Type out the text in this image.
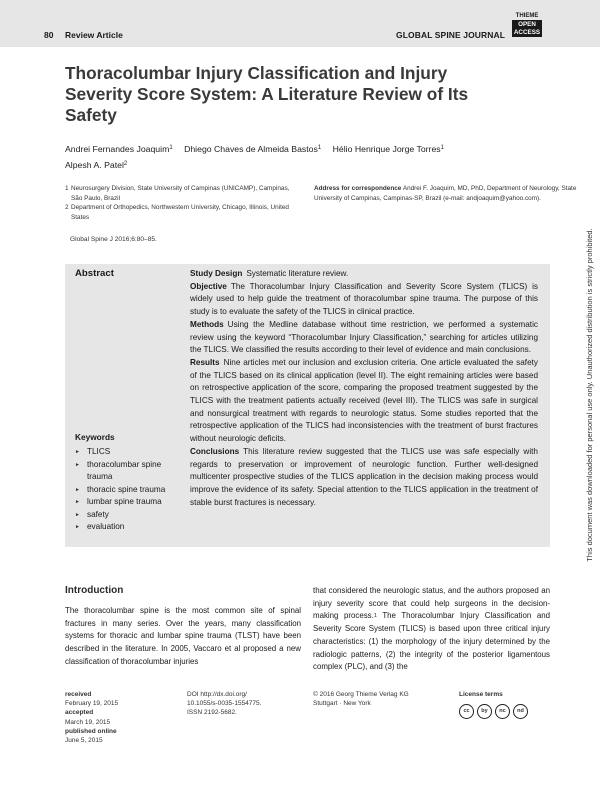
80 Review Article	GLOBAL SPINE JOURNAL
THIEME
OPEN
ACCESS
Thoracolumbar Injury Classification and Injury Severity Score System: A Literature Review of Its Safety
Andrei Fernandes Joaquim$^1$ Dhiego Chaves de Almeida Bastos$^1$ Hélio Henrique Jorge Torres$^1$
Alpesh A. Patel$^2$
1 Neurosurgery Division, State University of Campinas (UNICAMP), Campinas, São Paulo, Brazil
2 Department of Orthopedics, Northwestern University, Chicago, Illinois, United States
Address for correspondence Andrei F. Joaquim, MD, PhD, Department of Neurology, State University of Campinas, Campinas-SP, Brazil (e-mail: andjoaquim@yahoo.com).
Global Spine J 2016;6:80–85.
Abstract	Study Design Systematic literature review.
Objective The Thoracolumbar Injury Classification and Severity Score System (TLICS) is widely used to help guide the treatment of thoracolumbar spine trauma. The purpose of this study is to evaluate the safety of the TLICS in clinical practice.
Methods Using the Medline database without time restriction, we performed a systematic review using the keyword “Thoracolumbar Injury Classification,” searching for articles utilizing the TLICS. We classified the results according to their level of evidence and main conclusions.
Results Nine articles met our inclusion and exclusion criteria. One article evaluated the safety of the TLICS based on its clinical application (level II). The eight remaining articles were based on retrospective application of the score, comparing the proposed treatment suggested by the TLICS with the treatment patients actually received (level III). The TLICS was safe in surgical and nonsurgical treatment with regards to neurologic status. Some studies reported that the retrospective application of the TLICS had inconsistencies with the treatment of burst fractures without neurologic deficits.
Conclusions This literature review suggested that the TLICS use was safe especially with regards to preservation or improvement of neurologic function. Further well-designed multicenter prospective studies of the TLICS application in the decision making process would improve the evidence of its safety. Special attention to the TLICS application in the treatment of stable burst fractures is necessary.
Keywords
► TLICS
► thoracolumbar spine trauma
► thoracic spine trauma
► lumbar spine trauma
► safety
► evaluation	This document was downloaded for personal use only. Unauthorized distribution is strictly prohibited.
Introduction

The thoracolumbar spine is the most common site of spinal fractures in many series. Over the years, many classification systems for thoracic and lumbar spine trauma (TLST) have been described in the literature. In 2005, Vaccaro et al proposed a new classification of thoracolumbar injuries

that considered the neurologic status, and the authors proposed an injury severity score that could help surgeons in the decision-making process.$^1$ The Thoracolumbar Injury Classification and Severity Score System (TLICS) is based upon three critical injury characteristics: (1) the morphology of the injury determined by the radiologic patterns, (2) the integrity of the posterior ligamentous complex (PLC), and (3) the

received
February 19, 2015
accepted
March 19, 2015
published online
June 5, 2015
DOI http://dx.doi.org/
10.1055/s-0035-1554775.
ISSN 2192-5682.
© 2016 Georg Thieme Verlag KG
Stuttgart · New York
License terms
cc	by	nc	nd
